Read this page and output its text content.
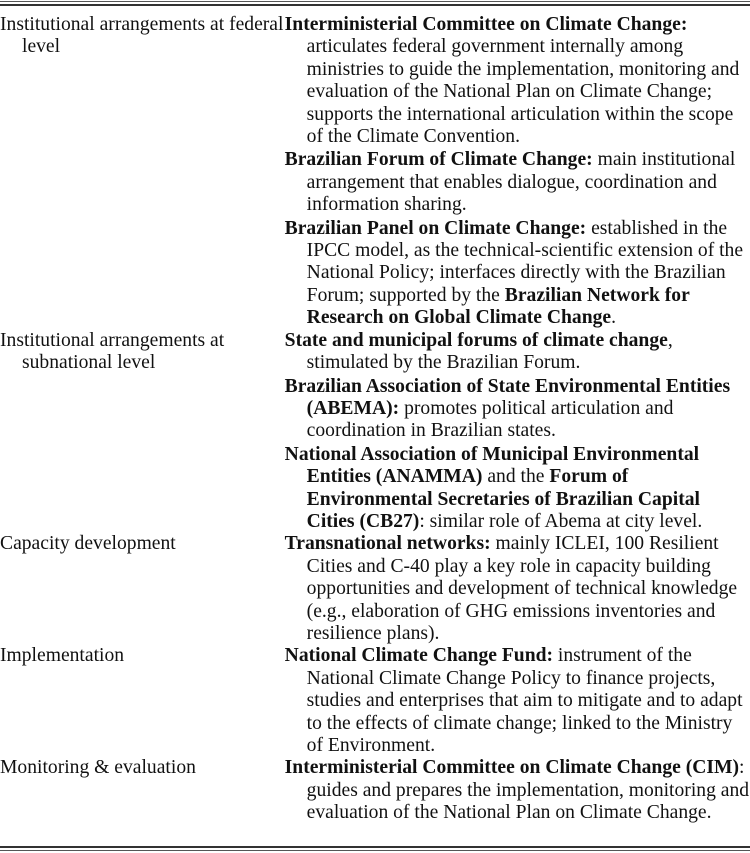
Institutional arrangements at federal level	Interministerial Committee on Climate Change: articulates federal government internally among ministries to guide the implementation, monitoring and evaluation of the National Plan on Climate Change; supports the international articulation within the scope of the Climate Convention.

Brazilian Forum of Climate Change: main institutional arrangement that enables dialogue, coordination and information sharing.

Brazilian Panel on Climate Change: established in the IPCC model, as the technical-scientific extension of the National Policy; interfaces directly with the Brazilian Forum; supported by the Brazilian Network for Research on Global Climate Change.

Institutional arrangements at subnational level	State and municipal forums of climate change, stimulated by the Brazilian Forum.

Brazilian Association of State Environmental Entities (ABEMA): promotes political articulation and coordination in Brazilian states.

National Association of Municipal Environmental Entities (ANAMMA) and the Forum of Environmental Secretaries of Brazilian Capital Cities (CB27): similar role of Abema at city level.

Capacity development	Transnational networks: mainly ICLEI, 100 Resilient Cities and C-40 play a key role in capacity building opportunities and development of technical knowledge (e.g., elaboration of GHG emissions inventories and resilience plans).

Implementation	National Climate Change Fund: instrument of the National Climate Change Policy to finance projects, studies and enterprises that aim to mitigate and to adapt to the effects of climate change; linked to the Ministry of Environment.

Monitoring & evaluation	Interministerial Committee on Climate Change (CIM): guides and prepares the implementation, monitoring and evaluation of the National Plan on Climate Change.
